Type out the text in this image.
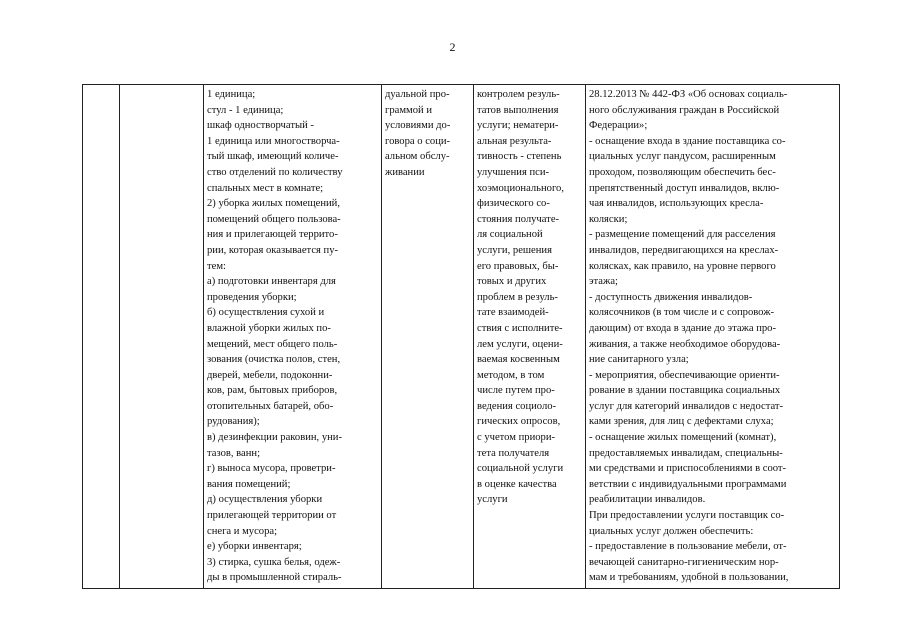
2

1 единица;
стул - 1 единица;
шкаф одностворчатый -
1 единица или многостворча-
тый шкаф, имеющий количе-
ство отделений по количеству
спальных мест в комнате;
2) уборка жилых помещений,
помещений общего пользова-
ния и прилегающей террито-
рии, которая оказывается пу-
тем:
а) подготовки инвентаря для
проведения уборки;
б) осуществления сухой и
влажной уборки жилых по-
мещений, мест общего поль-
зования (очистка полов, стен,
дверей, мебели, подоконни-
ков, рам, бытовых приборов,
отопительных батарей, обо-
рудования);
в) дезинфекции раковин, уни-
тазов, ванн;
г) выноса мусора, проветри-
вания помещений;
д) осуществления уборки
прилегающей территории от
снега и мусора;
е) уборки инвентаря;
3) стирка, сушка белья, одеж-
ды в промышленной стираль-

дуальной про-
граммой и
условиями до-
говора о соци-
альном обслу-
живании

контролем резуль-
татов выполнения
услуги; нематери-
альная результа-
тивность - степень
улучшения пси-
хоэмоционального,
физического со-
стояния получате-
ля социальной
услуги, решения
его правовых, бы-
товых и других
проблем в резуль-
тате взаимодей-
ствия с исполните-
лем услуги, оцени-
ваемая косвенным
методом, в том
числе путем про-
ведения социоло-
гических опросов,
с учетом приори-
тета получателя
социальной услуги
в оценке качества
услуги

28.12.2013 № 442-ФЗ «Об основах социаль-
ного обслуживания граждан в Российской
Федерации»;
- оснащение входа в здание поставщика со-
циальных услуг пандусом, расширенным
проходом, позволяющим обеспечить бес-
препятственный доступ инвалидов, вклю-
чая инвалидов, использующих кресла-
коляски;
- размещение помещений для расселения
инвалидов, передвигающихся на креслах-
колясках, как правило, на уровне первого
этажа;
- доступность движения инвалидов-
колясочников (в том числе и с сопровож-
дающим) от входа в здание до этажа про-
живания, а также необходимое оборудова-
ние санитарного узла;
- мероприятия, обеспечивающие ориенти-
рование в здании поставщика социальных
услуг для категорий инвалидов с недостат-
ками зрения, для лиц с дефектами слуха;
- оснащение жилых помещений (комнат),
предоставляемых инвалидам, специальны-
ми средствами и приспособлениями в соот-
ветствии с индивидуальными программами
реабилитации инвалидов.
При предоставлении услуги поставщик со-
циальных услуг должен обеспечить:
- предоставление в пользование мебели, от-
вечающей санитарно-гигиеническим нор-
мам и требованиям, удобной в пользовании,
